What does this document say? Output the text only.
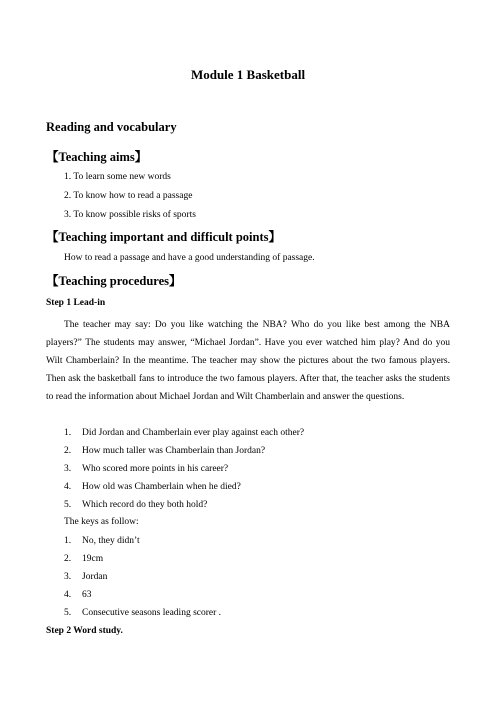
Module 1 Basketball
Reading and vocabulary
【Teaching aims】
1. To learn some new words
2. To know how to read a passage
3. To know possible risks of sports
【Teaching important and difficult points】
How to read a passage and have a good understanding of passage.
【Teaching procedures】
Step 1 Lead-in
The teacher may say: Do you like watching the NBA? Who do you like best among the NBA players?” The students may answer, “Michael Jordan”. Have you ever watched him play? And do you Wilt Chamberlain? In the meantime. The teacher may show the pictures about the two famous players. Then ask the basketball fans to introduce the two famous players. After that, the teacher asks the students to read the information about Michael Jordan and Wilt Chamberlain and answer the questions.
1. Did Jordan and Chamberlain ever play against each other?
2. How much taller was Chamberlain than Jordan?
3. Who scored more points in his career?
4. How old was Chamberlain when he died?
5. Which record do they both hold?
The keys as follow:
1. No, they didn’t
2. 19cm
3. Jordan
4. 63
5. Consecutive seasons leading scorer .
Step 2 Word study.
